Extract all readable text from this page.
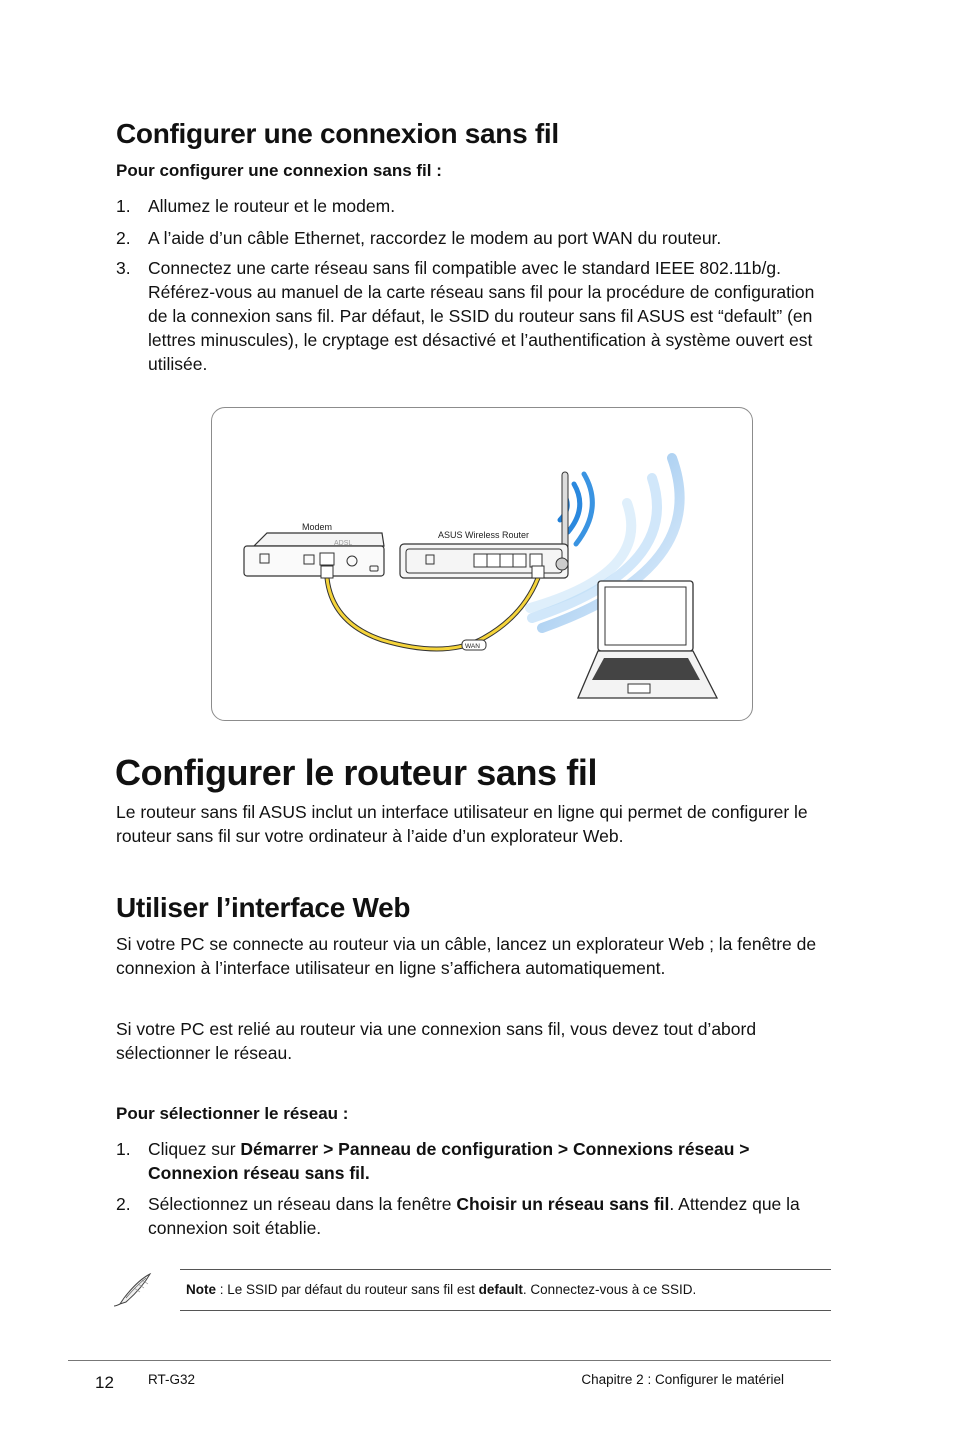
Configurer une connexion sans fil

Pour configurer une connexion sans fil :

1. Allumez le routeur et le modem.
2. A l’aide d’un câble Ethernet, raccordez le modem au port WAN du routeur.
3. Connectez une carte réseau sans fil compatible avec le standard IEEE 802.11b/g. Référez-vous au manuel de la carte réseau sans fil pour la procédure de configuration de la connexion sans fil. Par défaut, le SSID du routeur sans fil ASUS est “default” (en lettres minuscules), le cryptage est désactivé et l’authentification à système ouvert est utilisée.
Modem
ADSL
ASUS Wireless Router
WAN
Configurer le routeur sans fil

Le routeur sans fil ASUS inclut un interface utilisateur en ligne qui permet de configurer le routeur sans fil sur votre ordinateur à l’aide d’un explorateur Web.

Utiliser l’interface Web

Si votre PC se connecte au routeur via un câble, lancez un explorateur Web ; la fenêtre de connexion à l’interface utilisateur en ligne s’affichera automatiquement.

Si votre PC est relié au routeur via une connexion sans fil, vous devez tout d’abord sélectionner le réseau.

Pour sélectionner le réseau :

1. Cliquez sur Démarrer > Panneau de configuration > Connexions réseau > Connexion réseau sans fil.
2. Sélectionnez un réseau dans la fenêtre Choisir un réseau sans fil. Attendez que la connexion soit établie.
Note : Le SSID par défaut du routeur sans fil est default. Connectez-vous à ce SSID.
12	RT-G32	Chapitre 2 : Configurer le matériel
